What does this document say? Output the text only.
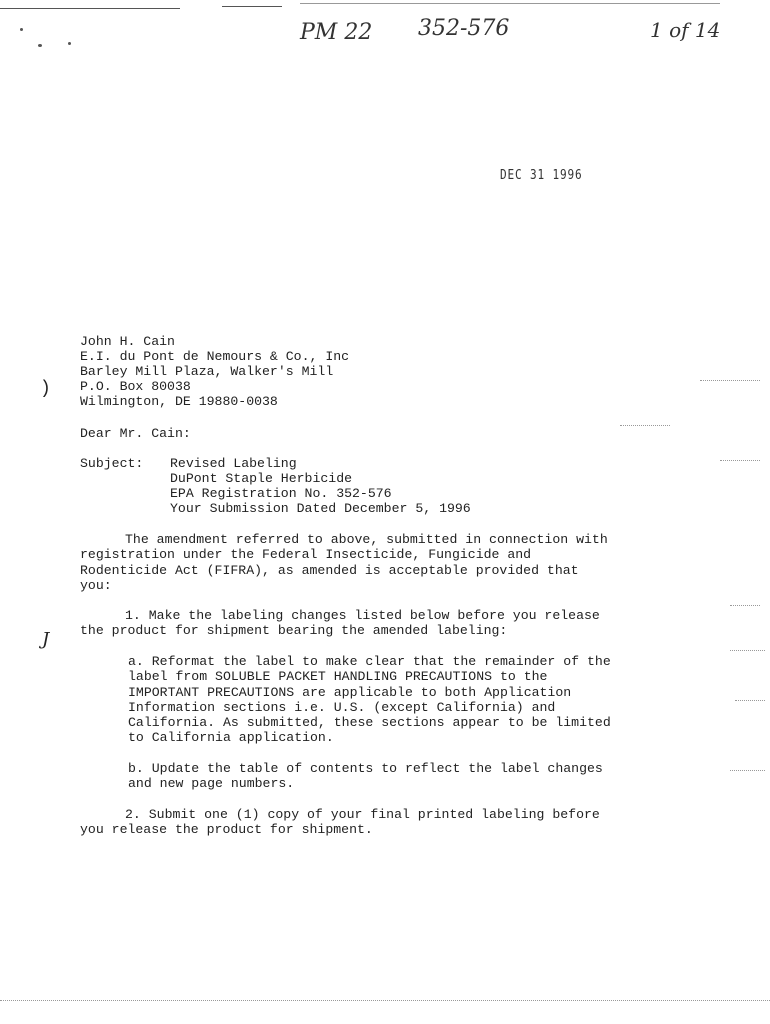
PM 22 352-576	1 of 14
DEC 31 1996
John H. Cain
E.I. du Pont de Nemours & Co., Inc
Barley Mill Plaza, Walker's Mill
P.O. Box 80038
Wilmington, DE 19880-0038
)
Dear Mr. Cain:
Subject: Revised Labeling
DuPont Staple Herbicide
EPA Registration No. 352-576
Your Submission Dated December 5, 1996
The amendment referred to above, submitted in connection with
registration under the Federal Insecticide, Fungicide and
Rodenticide Act (FIFRA), as amended is acceptable provided that
you:
1. Make the labeling changes listed below before you release
the product for shipment bearing the amended labeling:
J
a. Reformat the label to make clear that the remainder of the
label from SOLUBLE PACKET HANDLING PRECAUTIONS to the
IMPORTANT PRECAUTIONS are applicable to both Application
Information sections i.e. U.S. (except California) and
California. As submitted, these sections appear to be limited
to California application.
b. Update the table of contents to reflect the label changes
and new page numbers.
2. Submit one (1) copy of your final printed labeling before
you release the product for shipment.
